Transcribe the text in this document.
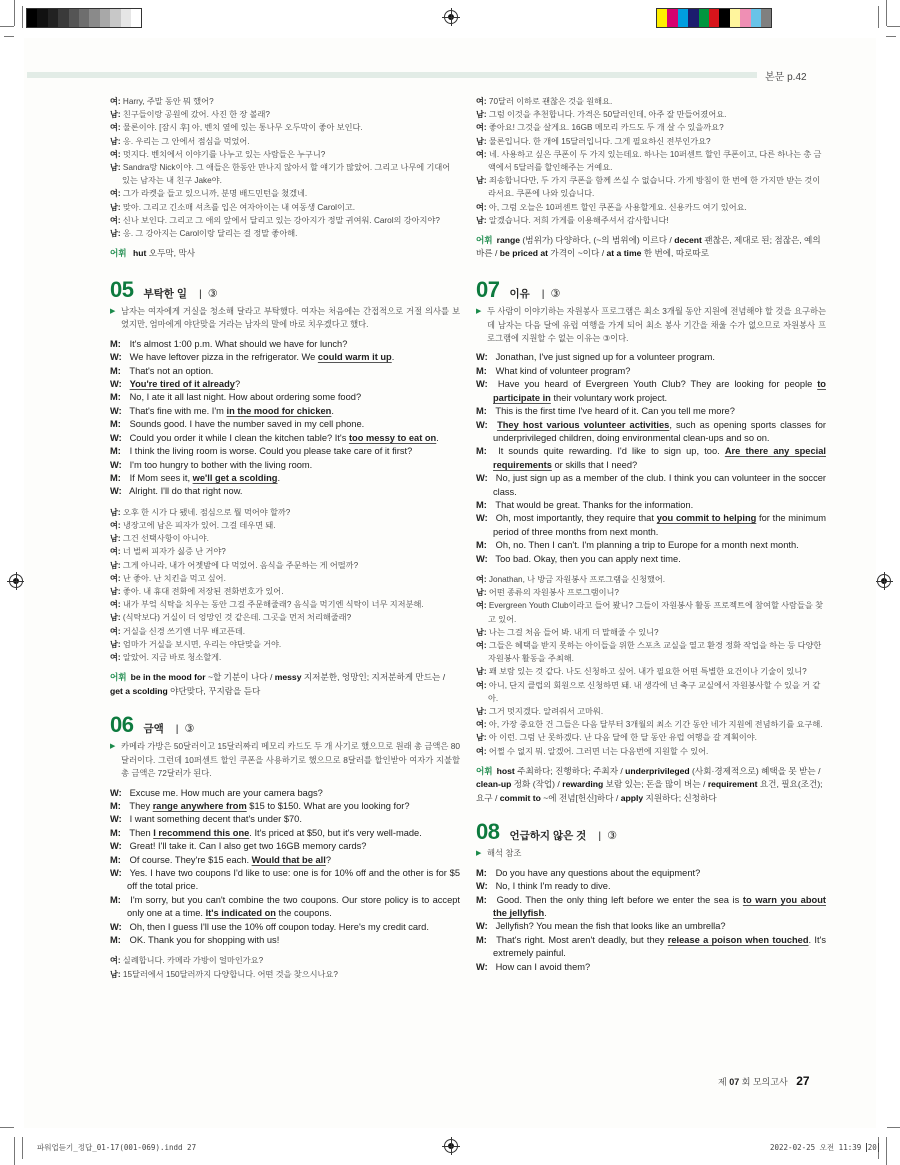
본문 p.42
여: Harry, 주말 동안 뭐 했어?
남: 친구들이랑 공원에 갔어. 사진 한 장 볼래?
여: 물론이야. [잠시 후] 아, 벤치 옆에 있는 통나무 오두막이 좋아 보인다.
남: 응. 우리는 그 안에서 점심을 먹었어.
여: 멋지다. 벤치에서 이야기를 나누고 있는 사람들은 누구니?
남: Sandra랑 Nick이야. 그 애들은 한동안 만나지 않아서 할 얘기가 많았어. 그리고 나무에 기대어 있는 남자는 내 친구 Jake야.
여: 그가 라켓을 들고 있으니까, 분명 배드민턴을 쳤겠네.
남: 맞아. 그리고 긴소매 셔츠를 입은 여자아이는 내 여동생 Carol이고.
여: 신나 보인다. 그리고 그 애의 앞에서 달리고 있는 강아지가 정말 귀여워. Carol의 강아지야?
남: 응. 그 강아지는 Carol이랑 달리는 걸 정말 좋아해.
어휘 hut 오두막, 막사
05 부탁한 일 | ③
▶ 남자는 여자에게 거실을 청소해 달라고 부탁했다. 여자는 처음에는 간접적으로 거절 의사를 보였지만, 엄마에게 야단맞을 거라는 남자의 말에 바로 치우겠다고 했다.
M: It's almost 1:00 p.m. What should we have for lunch?
W: We have leftover pizza in the refrigerator. We could warm it up.
M: That's not an option.
W: You're tired of it already?
M: No, I ate it all last night. How about ordering some food?
W: That's fine with me. I'm in the mood for chicken.
M: Sounds good. I have the number saved in my cell phone.
W: Could you order it while I clean the kitchen table? It's too messy to eat on.
M: I think the living room is worse. Could you please take care of it first?
W: I'm too hungry to bother with the living room.
M: If Mom sees it, we'll get a scolding.
W: Alright. I'll do that right now.
남: 오후 한 시가 다 됐네. 점심으로 뭘 먹어야 할까?
여: 냉장고에 남은 피자가 있어. 그걸 데우면 돼.
남: 그건 선택사항이 아니야.
여: 너 벌써 피자가 싫증 난 거야?
남: 그게 아니라, 내가 어젯밤에 다 먹었어. 음식을 주문하는 게 어떨까?
여: 난 좋아. 난 치킨을 먹고 싶어.
남: 좋아. 내 휴대 전화에 저장된 전화번호가 있어.
여: 내가 부엌 식탁을 치우는 동안 그걸 주문해줄래? 음식을 먹기엔 식탁이 너무 지저분해.
남: (식탁보다) 거실이 더 엉망인 것 같은데. 그곳을 먼저 처리해줄래?
여: 거실을 신경 쓰기엔 너무 배고픈데.
남: 엄마가 거실을 보시면, 우리는 야단맞을 거야.
여: 알았어. 지금 바로 청소할게.
어휘 be in the mood for ~할 기분이 나다 / messy 지저분한, 엉망인; 지저분하게 만드는 / get a scolding 야단맞다, 꾸지람을 듣다
06 금액 | ③
▶ 카메라 가방은 50달러이고 15달러짜리 메모리 카드도 두 개 사기로 했으므로 원래 총 금액은 80달러이다. 그런데 10퍼센트 할인 쿠폰을 사용하기로 했으므로 8달러를 할인받아 여자가 지불할 총 금액은 72달러가 된다.
W: Excuse me. How much are your camera bags?
M: They range anywhere from $15 to $150. What are you looking for?
W: I want something decent that's under $70.
M: Then I recommend this one. It's priced at $50, but it's very well-made.
W: Great! I'll take it. Can I also get two 16GB memory cards?
M: Of course. They're $15 each. Would that be all?
W: Yes. I have two coupons I'd like to use: one is for 10% off and the other is for $5 off the total price.
M: I'm sorry, but you can't combine the two coupons. Our store policy is to accept only one at a time. It's indicated on the coupons.
W: Oh, then I guess I'll use the 10% off coupon today. Here's my credit card.
M: OK. Thank you for shopping with us!
여: 실례합니다. 카메라 가방이 얼마인가요?
남: 15달러에서 150달러까지 다양합니다. 어떤 것을 찾으시나요?
여: 70달러 이하로 괜찮은 것을 원해요.
남: 그럼 이것을 추천합니다. 가격은 50달러인데, 아주 잘 만들어졌어요.
여: 좋아요! 그것을 살게요. 16GB 메모리 카드도 두 개 살 수 있을까요?
남: 물론입니다. 한 개에 15달러입니다. 그게 필요하신 전부인가요?
여: 네. 사용하고 싶은 쿠폰이 두 가지 있는데요. 하나는 10퍼센트 할인 쿠폰이고, 다른 하나는 총 금액에서 5달러를 할인해주는 거예요.
남: 죄송합니다만, 두 가지 쿠폰을 함께 쓰실 수 없습니다. 가게 방침이 한 번에 한 가지만 받는 것이라서요. 쿠폰에 나와 있습니다.
여: 아, 그럼 오늘은 10퍼센트 할인 쿠폰을 사용할게요. 신용카드 여기 있어요.
남: 알겠습니다. 저희 가게를 이용해주셔서 감사합니다!
어휘 range (범위가) 다양하다, (~의 범위에) 이르다 / decent 괜찮은, 제대로 된; 점잖은, 예의 바른 / be priced at 가격이 ~이다 / at a time 한 번에, 따로따로
07 이유 | ③
▶ 두 사람이 이야기하는 자원봉사 프로그램은 최소 3개월 동안 지원에 전념해야 할 것을 요구하는데 남자는 다음 달에 유럽 여행을 가게 되어 최소 봉사 기간을 채울 수가 없으므로 자원봉사 프로그램에 지원할 수 없는 이유는 ③이다.
W: Jonathan, I've just signed up for a volunteer program.
M: What kind of volunteer program?
W: Have you heard of Evergreen Youth Club? They are looking for people to participate in their voluntary work project.
M: This is the first time I've heard of it. Can you tell me more?
W: They host various volunteer activities, such as opening sports classes for underprivileged children, doing environmental clean-ups and so on.
M: It sounds quite rewarding. I'd like to sign up, too. Are there any special requirements or skills that I need?
W: No, just sign up as a member of the club. I think you can volunteer in the soccer class.
M: That would be great. Thanks for the information.
W: Oh, most importantly, they require that you commit to helping for the minimum period of three months from next month.
M: Oh, no. Then I can't. I'm planning a trip to Europe for a month next month.
W: Too bad. Okay, then you can apply next time.
여: Jonathan, 나 방금 자원봉사 프로그램을 신청했어.
남: 어떤 종류의 자원봉사 프로그램이니?
여: Evergreen Youth Club이라고 들어 봤니? 그들이 자원봉사 활동 프로젝트에 참여할 사람들을 찾고 있어.
남: 나는 그걸 처음 들어 봐. 내게 더 말해줄 수 있니?
여: 그들은 혜택을 받지 못하는 아이들을 위한 스포츠 교실을 열고 환경 정화 작업을 하는 등 다양한 자원봉사 활동을 주최해.
남: 꽤 보람 있는 것 같다. 나도 신청하고 싶어. 내가 필요한 어떤 특별한 요건이나 기술이 있니?
여: 아니, 단지 클럽의 회원으로 신청하면 돼. 내 생각에 넌 축구 교실에서 자원봉사할 수 있을 거 같아.
남: 그거 멋지겠다. 알려줘서 고마워.
여: 아, 가장 중요한 건 그들은 다음 달부터 3개월의 최소 기간 동안 네가 지원에 전념하기를 요구해.
남: 아 이런. 그럼 난 못하겠다. 난 다음 달에 한 달 동안 유럽 여행을 갈 계획이야.
여: 어쩔 수 없지 뭐. 알겠어. 그러면 너는 다음번에 지원할 수 있어.
어휘 host 주최하다; 진행하다; 주최자 / underprivileged (사회·경제적으로) 혜택을 못 받는 / clean-up 정화 (작업) / rewarding 보람 있는; 돈을 많이 버는 / requirement 요건, 필요(조건); 요구 / commit to ~에 전념[헌신]하다 / apply 지원하다; 신청하다
08 언급하지 않은 것 | ③
▶ 해석 참조
M: Do you have any questions about the equipment?
W: No, I think I'm ready to dive.
M: Good. Then the only thing left before we enter the sea is to warn you about the jellyfish.
W: Jellyfish? You mean the fish that looks like an umbrella?
M: That's right. Most aren't deadly, but they release a poison when touched. It's extremely painful.
W: How can I avoid them?
제 07 회 모의고사 27
파워업듣기_정답_01-17(001-069).indd 27	2022-02-25 오전 11:39 20
